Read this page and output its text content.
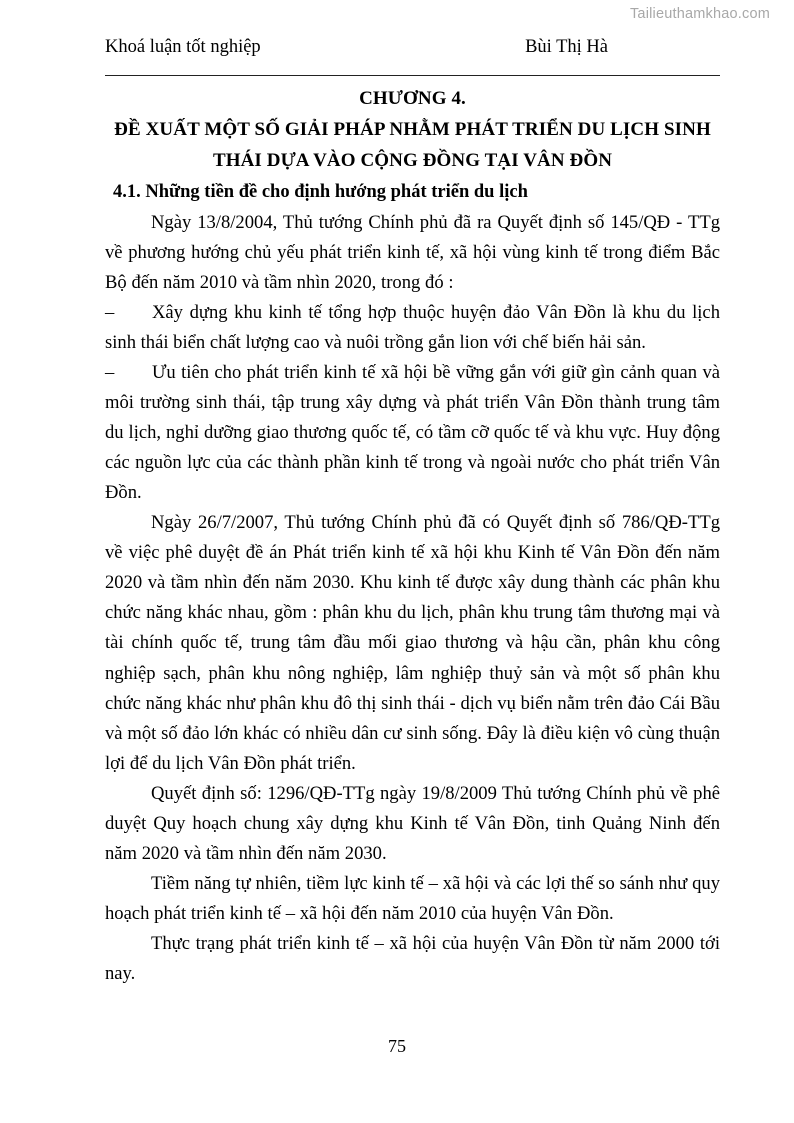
Tailieuthamkhao.com
Khoá luận tốt nghiệp	Bùi Thị Hà
CHƯƠNG 4.
ĐỀ XUẤT MỘT SỐ GIẢI PHÁP NHẰM PHÁT TRIỂN DU LỊCH SINH
THÁI DỰA VÀO CỘNG ĐỒNG TẠI VÂN ĐỒN
4.1. Những tiền đề cho định hướng phát triển du lịch

Ngày 13/8/2004, Thủ tướng Chính phủ đã ra Quyết định số 145/QĐ - TTg về phương hướng chủ yếu phát triển kinh tế, xã hội vùng kinh tế trong điểm Bắc Bộ đến năm 2010 và tầm nhìn 2020, trong đó :

– Xây dựng khu kinh tế tổng hợp thuộc huyện đảo Vân Đồn là khu du lịch sinh thái biển chất lượng cao và nuôi trồng gắn lion với chế biến hải sản.

– Ưu tiên cho phát triển kinh tế xã hội bề vững gắn với giữ gìn cảnh quan và môi trường sinh thái, tập trung xây dựng và phát triển Vân Đồn thành trung tâm du lịch, nghỉ dưỡng giao thương quốc tế, có tầm cỡ quốc tế và khu vực. Huy động các nguồn lực của các thành phần kinh tế trong và ngoài nước cho phát triển Vân Đồn.

Ngày 26/7/2007, Thủ tướng Chính phủ đã có Quyết định số 786/QĐ-TTg về việc phê duyệt đề án Phát triển kinh tế xã hội khu Kinh tế Vân Đồn đến năm 2020 và tầm nhìn đến năm 2030. Khu kinh tế được xây dung thành các phân khu chức năng khác nhau, gồm : phân khu du lịch, phân khu trung tâm thương mại và tài chính quốc tế, trung tâm đầu mối giao thương và hậu cần, phân khu công nghiệp sạch, phân khu nông nghiệp, lâm nghiệp thuỷ sản và một số phân khu chức năng khác như phân khu đô thị sinh thái - dịch vụ biển nằm trên đảo Cái Bầu và một số đảo lớn khác có nhiều dân cư sinh sống. Đây là điều kiện vô cùng thuận lợi để du lịch Vân Đồn phát triển.

Quyết định số: 1296/QĐ-TTg ngày 19/8/2009 Thủ tướng Chính phủ về phê duyệt Quy hoạch chung xây dựng khu Kinh tế Vân Đồn, tinh Quảng Ninh đến năm 2020 và tầm nhìn đến năm 2030.

Tiềm năng tự nhiên, tiềm lực kinh tế – xã hội và các lợi thế so sánh như quy hoạch phát triển kinh tế – xã hội đến năm 2010 của huyện Vân Đồn.

Thực trạng phát triển kinh tế – xã hội của huyện Vân Đồn từ năm 2000 tới nay.

75
